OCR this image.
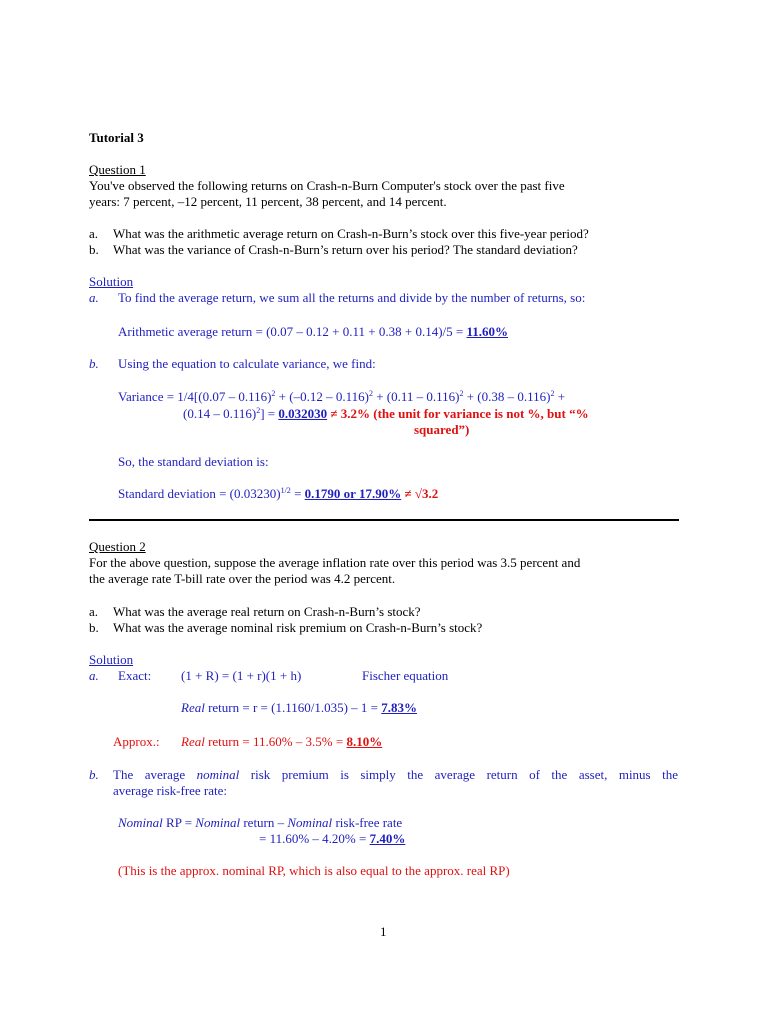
Tutorial 3
Question 1
You've observed the following returns on Crash-n-Burn Computer's stock over the past five
years: 7 percent, –12 percent, 11 percent, 38 percent, and 14 percent.
a. What was the arithmetic average return on Crash-n-Burn’s stock over this five-year period?
b. What was the variance of Crash-n-Burn’s return over his period? The standard deviation?
Solution
a. To find the average return, we sum all the returns and divide by the number of returns, so:
Arithmetic average return = (0.07 – 0.12 + 0.11 + 0.38 + 0.14)/5 = 11.60%
b. Using the equation to calculate variance, we find:
Variance = 1/4[(0.07 – 0.116)$^2$ + (–0.12 – 0.116)$^2$ + (0.11 – 0.116)$^2$ + (0.38 – 0.116)$^2$ +
(0.14 – 0.116)$^2$] = 0.032030 ≠ 3.2% (the unit for variance is not %, but “%
squared”)
So, the standard deviation is:
Standard deviation = $(0.03230)^{1/2} = 0.1790$ or 17.90% ≠ √3.2
Question 2
For the above question, suppose the average inflation rate over this period was 3.5 percent and
the average rate T-bill rate over the period was 4.2 percent.
a. What was the average real return on Crash-n-Burn’s stock?
b. What was the average nominal risk premium on Crash-n-Burn’s stock?
Solution
a. Exact: (1 + R) = (1 + r)(1 + h)	Fischer equation
Real return = r = (1.1160/1.035) – 1 = 7.83%
Approx.: Real return = 11.60% – 3.5% = 8.10%
b. The average nominal risk premium is simply the average return of the asset, minus the
average risk-free rate:
Nominal RP = Nominal return – Nominal risk-free rate
= 11.60% – 4.20% = 7.40%
(This is the approx. nominal RP, which is also equal to the approx. real RP)
1
